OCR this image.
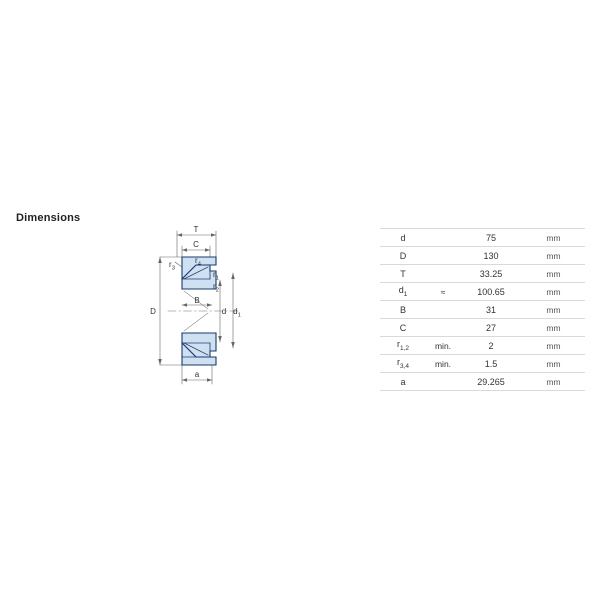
Dimensions
T
C
B
a
D	d $d_1$
$r_1$
$r_2$
$r_3$
$r_4$
d		75	mm
D		130	mm
T		33.25	mm
$d_1$	≈	100.65	mm
B		31	mm
C		27	mm
$r_{1,2}$	min.	2	mm
$r_{3,4}$	min.	1.5	mm
a		29.265	mm
